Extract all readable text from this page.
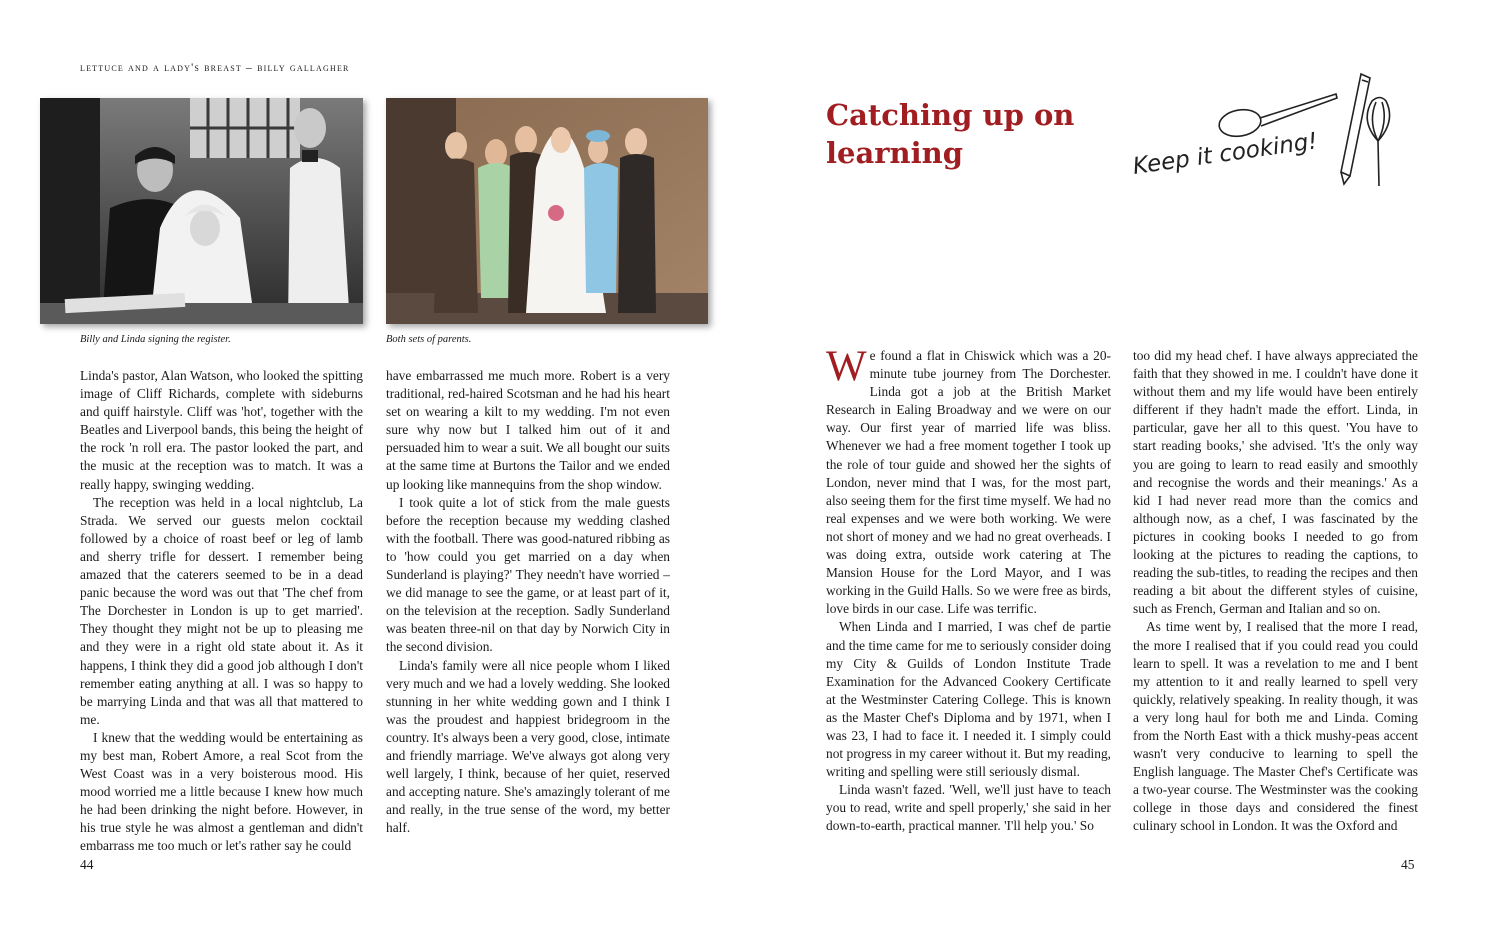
lettuce and a lady's breast – billy gallagher
Billy and Linda signing the register.	Both sets of parents.

Linda's pastor, Alan Watson, who looked the spitting image of Cliff Richards, complete with sideburns and quiff hairstyle. Cliff was 'hot', together with the Beatles and Liverpool bands, this being the height of the rock 'n roll era. The pastor looked the part, and the music at the reception was to match. It was a really happy, swinging wedding.

The reception was held in a local nightclub, La Strada. We served our guests melon cocktail followed by a choice of roast beef or leg of lamb and sherry trifle for dessert. I remember being amazed that the caterers seemed to be in a dead panic because the word was out that 'The chef from The Dorchester in London is up to get married'. They thought they might not be up to pleasing me and they were in a right old state about it. As it happens, I think they did a good job although I don't remember eating anything at all. I was so happy to be marrying Linda and that was all that mattered to me.

I knew that the wedding would be entertaining as my best man, Robert Amore, a real Scot from the West Coast was in a very boisterous mood. His mood worried me a little because I knew how much he had been drinking the night before. However, in his true style he was almost a gentleman and didn't embarrass me too much or let's rather say he could

have embarrassed me much more. Robert is a very traditional, red-haired Scotsman and he had his heart set on wearing a kilt to my wedding. I'm not even sure why now but I talked him out of it and persuaded him to wear a suit. We all bought our suits at the same time at Burtons the Tailor and we ended up looking like mannequins from the shop window.

I took quite a lot of stick from the male guests before the reception because my wedding clashed with the football. There was good-natured ribbing as to 'how could you get married on a day when Sunderland is playing?' They needn't have worried – we did manage to see the game, or at least part of it, on the television at the reception. Sadly Sunderland was beaten three-nil on that day by Norwich City in the second division.

Linda's family were all nice people whom I liked very much and we had a lovely wedding. She looked stunning in her white wedding gown and I think I was the proudest and happiest bridegroom in the country. It's always been a very good, close, intimate and friendly marriage. We've always got along very well largely, I think, because of her quiet, reserved and accepting nature. She's amazingly tolerant of me and really, in the true sense of the word, my better half.

44
Catching up on learning	Keep it cooking!

We found a flat in Chiswick which was a 20-minute tube journey from The Dorchester. Linda got a job at the British Market Research in Ealing Broadway and we were on our way. Our first year of married life was bliss. Whenever we had a free moment together I took up the role of tour guide and showed her the sights of London, never mind that I was, for the most part, also seeing them for the first time myself. We had no real expenses and we were both working. We were not short of money and we had no great overheads. I was doing extra, outside work catering at The Mansion House for the Lord Mayor, and I was working in the Guild Halls. So we were free as birds, love birds in our case. Life was terrific.

When Linda and I married, I was chef de partie and the time came for me to seriously consider doing my City & Guilds of London Institute Trade Examination for the Advanced Cookery Certificate at the Westminster Catering College. This is known as the Master Chef's Diploma and by 1971, when I was 23, I had to face it. I needed it. I simply could not progress in my career without it. But my reading, writing and spelling were still seriously dismal.

Linda wasn't fazed. 'Well, we'll just have to teach you to read, write and spell properly,' she said in her down-to-earth, practical manner. 'I'll help you.' So

too did my head chef. I have always appreciated the faith that they showed in me. I couldn't have done it without them and my life would have been entirely different if they hadn't made the effort. Linda, in particular, gave her all to this quest. 'You have to start reading books,' she advised. 'It's the only way you are going to learn to read easily and smoothly and recognise the words and their meanings.' As a kid I had never read more than the comics and although now, as a chef, I was fascinated by the pictures in cooking books I needed to go from looking at the pictures to reading the captions, to reading the sub-titles, to reading the recipes and then reading a bit about the different styles of cuisine, such as French, German and Italian and so on.

As time went by, I realised that the more I read, the more I realised that if you could read you could learn to spell. It was a revelation to me and I bent my attention to it and really learned to spell very quickly, relatively speaking. In reality though, it was a very long haul for both me and Linda. Coming from the North East with a thick mushy-peas accent wasn't very conducive to learning to spell the English language. The Master Chef's Certificate was a two-year course. The Westminster was the cooking college in those days and considered the finest culinary school in London. It was the Oxford and

45
